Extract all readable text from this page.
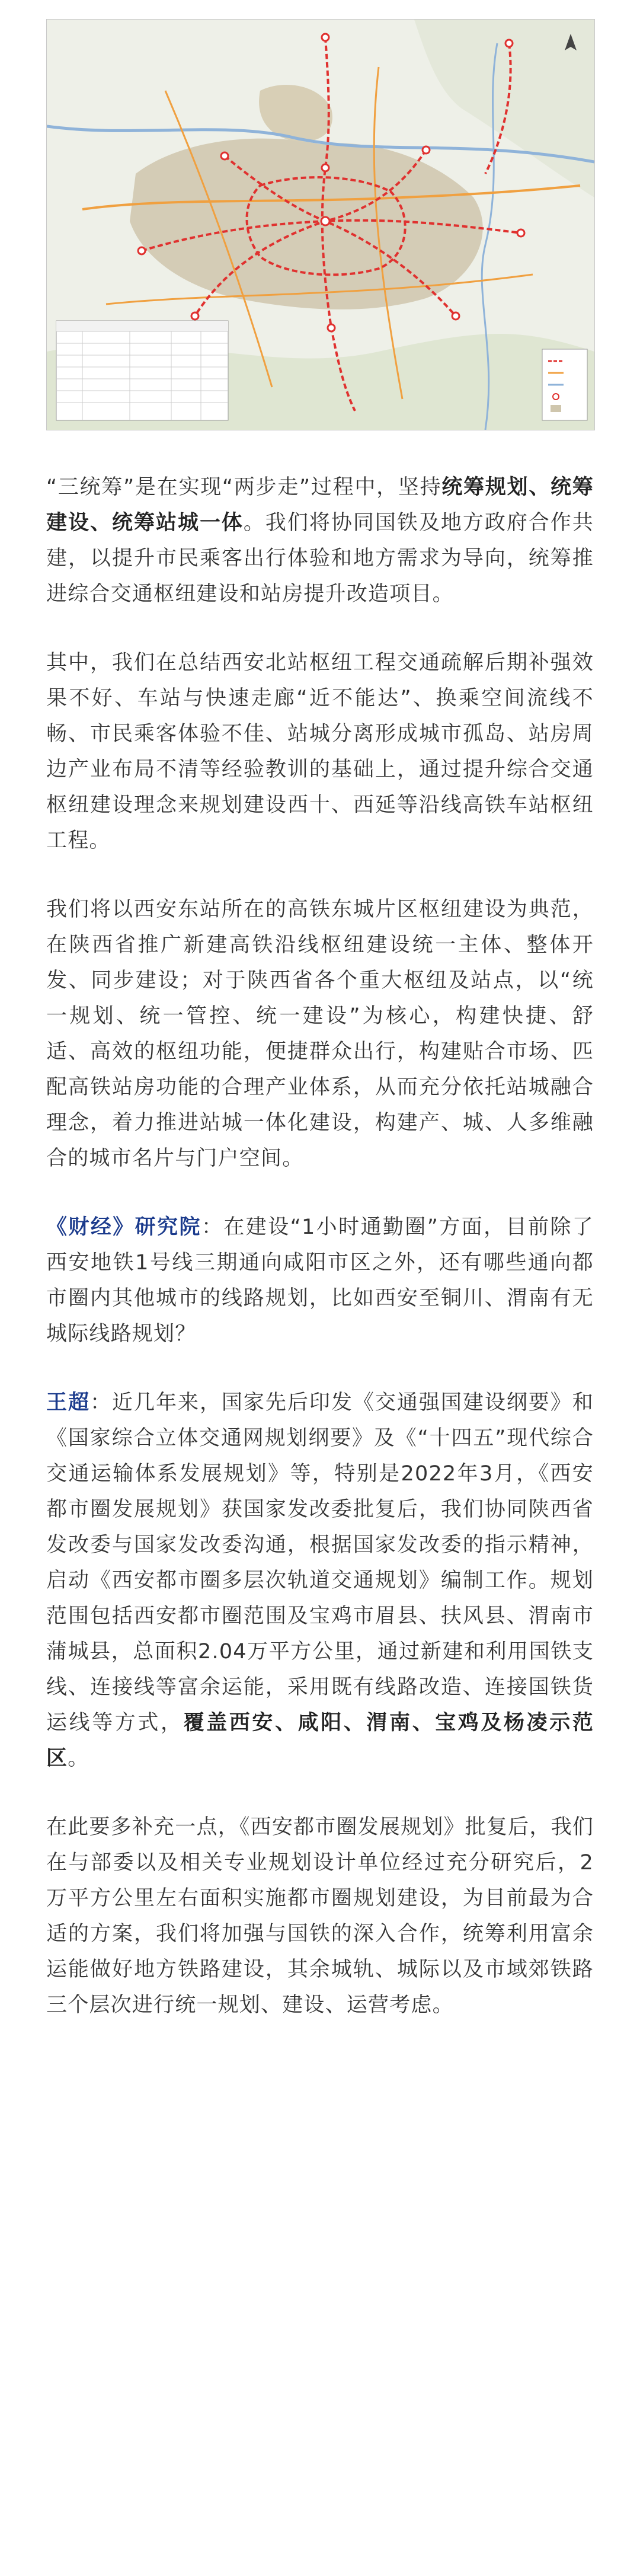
“三统筹”是在实现“两步走”过程中，坚持统筹规划、统筹建设、统筹站城一体。我们将协同国铁及地方政府合作共建，以提升市民乘客出行体验和地方需求为导向，统筹推进综合交通枢纽建设和站房提升改造项目。

其中，我们在总结西安北站枢纽工程交通疏解后期补强效果不好、车站与快速走廊“近不能达”、换乘空间流线不畅、市民乘客体验不佳、站城分离形成城市孤岛、站房周边产业布局不清等经验教训的基础上，通过提升综合交通枢纽建设理念来规划建设西十、西延等沿线高铁车站枢纽工程。

我们将以西安东站所在的高铁东城片区枢纽建设为典范，在陕西省推广新建高铁沿线枢纽建设统一主体、整体开发、同步建设；对于陕西省各个重大枢纽及站点，以“统一规划、统一管控、统一建设”为核心，构建快捷、舒适、高效的枢纽功能，便捷群众出行，构建贴合市场、匹配高铁站房功能的合理产业体系，从而充分依托站城融合理念，着力推进站城一体化建设，构建产、城、人多维融合的城市名片与门户空间。

《财经》研究院：在建设“1小时通勤圈”方面，目前除了西安地铁1号线三期通向咸阳市区之外，还有哪些通向都市圈内其他城市的线路规划，比如西安至铜川、渭南有无城际线路规划？

王超：近几年来，国家先后印发《交通强国建设纲要》和《国家综合立体交通网规划纲要》及《“十四五”现代综合交通运输体系发展规划》等，特别是2022年3月，《西安都市圈发展规划》获国家发改委批复后，我们协同陕西省发改委与国家发改委沟通，根据国家发改委的指示精神，启动《西安都市圈多层次轨道交通规划》编制工作。规划范围包括西安都市圈范围及宝鸡市眉县、扶风县、渭南市蒲城县，总面积2.04万平方公里，通过新建和利用国铁支线、连接线等富余运能，采用既有线路改造、连接国铁货运线等方式，覆盖西安、咸阳、渭南、宝鸡及杨凌示范区。

在此要多补充一点，《西安都市圈发展规划》批复后，我们在与部委以及相关专业规划设计单位经过充分研究后，2万平方公里左右面积实施都市圈规划建设，为目前最为合适的方案，我们将加强与国铁的深入合作，统筹利用富余运能做好地方铁路建设，其余城轨、城际以及市域郊铁路三个层次进行统一规划、建设、运营考虑。
